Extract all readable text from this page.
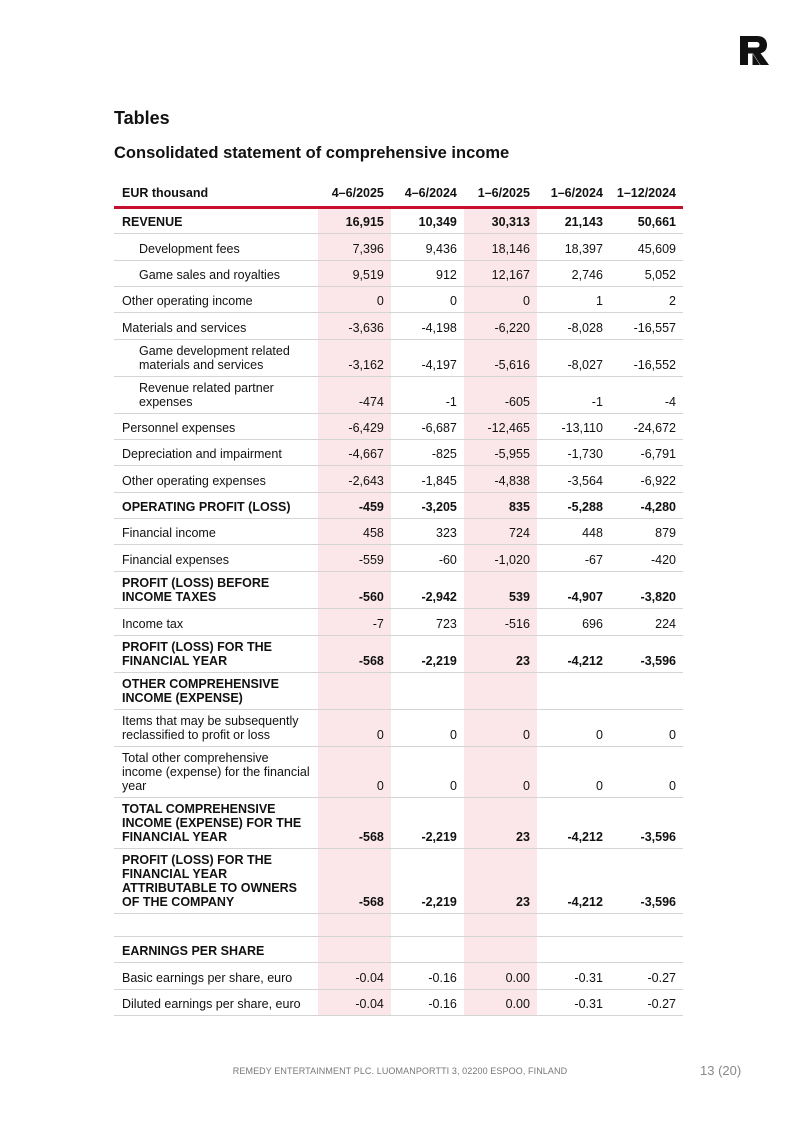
Tables
Consolidated statement of comprehensive income
EUR thousand	4–6/2025	4–6/2024	1–6/2025	1–6/2024	1–12/2024
REVENUE	16,915	10,349	30,313	21,143	50,661
Development fees	7,396	9,436	18,146	18,397	45,609
Game sales and royalties	9,519	912	12,167	2,746	5,052
Other operating income	0	0	0	1	2
Materials and services	-3,636	-4,198	-6,220	-8,028	-16,557
Game development related materials and services	-3,162	-4,197	-5,616	-8,027	-16,552
Revenue related partner expenses	-474	-1	-605	-1	-4
Personnel expenses	-6,429	-6,687	-12,465	-13,110	-24,672
Depreciation and impairment	-4,667	-825	-5,955	-1,730	-6,791
Other operating expenses	-2,643	-1,845	-4,838	-3,564	-6,922
OPERATING PROFIT (LOSS)	-459	-3,205	835	-5,288	-4,280
Financial income	458	323	724	448	879
Financial expenses	-559	-60	-1,020	-67	-420
PROFIT (LOSS) BEFORE INCOME TAXES	-560	-2,942	539	-4,907	-3,820
Income tax	-7	723	-516	696	224
PROFIT (LOSS) FOR THE FINANCIAL YEAR	-568	-2,219	23	-4,212	-3,596
OTHER COMPREHENSIVE INCOME (EXPENSE)					
Items that may be subsequently reclassified to profit or loss	0	0	0	0	0
Total other comprehensive income (expense) for the financial year	0	0	0	0	0
TOTAL COMPREHENSIVE INCOME (EXPENSE) FOR THE FINANCIAL YEAR	-568	-2,219	23	-4,212	-3,596
PROFIT (LOSS) FOR THE FINANCIAL YEAR ATTRIBUTABLE TO OWNERS OF THE COMPANY	-568	-2,219	23	-4,212	-3,596

EARNINGS PER SHARE					
Basic earnings per share, euro	-0.04	-0.16	0.00	-0.31	-0.27
Diluted earnings per share, euro	-0.04	-0.16	0.00	-0.31	-0.27
REMEDY ENTERTAINMENT PLC. LUOMANPORTTI 3, 02200 ESPOO, FINLAND	13 (20)
